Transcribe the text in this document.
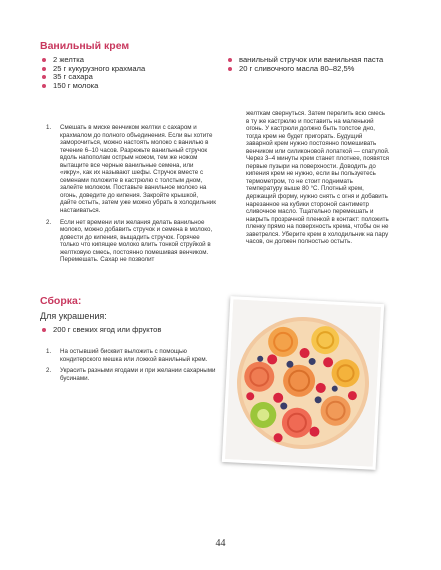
Ванильный крем
2 желтка
25 г кукурузного крахмала
35 г сахара
150 г молока
ванильный стручок или ванильная паста
20 г сливочного масла 80–82,5%
1. Смешать в миске венчиком желтки с сахаром и крахмалом до полного объединения. Если вы хотите заморочиться, можно настоять молоко с ванилью в течение 6–10 часов. Разрежьте ванильный стручок вдоль напополам острым ножом, тем же ножом вытащите все черные ванильные семена, или «икру», как их называют шефы. Стручок вместе с семенами положите в кастрюлю с толстым дном, залейте молоком. Поставьте ванильное молоко на огонь, доведите до кипения. Закройте крышкой, дайте остыть, затем уже можно убрать в холодильник настаиваться.
2. Если нет времени или желания делать ванильное молоко, можно добавить стручок и семена в молоко, довести до кипения, выщадить стручок. Горячее только что кипящее молоко влить тонкой струйкой в желтковую смесь, постоянно помешивая венчиком. Перемешать. Сахар не позволит
желткам свернуться. Затем перелить всю смесь в ту же кастрюлю и поставить на маленький огонь. У кастрюли должно быть толстое дно, тогда крем не будет пригорать. Будущий заварной крем нужно постоянно помешивать венчиком или силиконовой лопаткой — спатулой. Через 3–4 минуты крем станет плотнее, появятся первые пузыри на поверхности. Доводить до кипения крем не нужно, если вы пользуетесь термометром, то не стоит поднимать температуру выше 80 °С. Плотный крем, держащий форму, нужно снять с огня и добавить нарезанное на кубики стороной сантиметр сливочное масло. Тщательно перемешать и накрыть прозрачной пленкой в контакт: положить пленку прямо на поверхность крема, чтобы он не заветрелся. Уберите крем в холодильник на пару часов, он должен полностью остыть.
Сборка:
Для украшения:
200 г свежих ягод или фруктов
1. На остывший бисквит выложить с помощью кондитерского мешка или ложкой ванильный крем.
2. Украсить разными ягодами и при желании сахарными бусинами.
44
